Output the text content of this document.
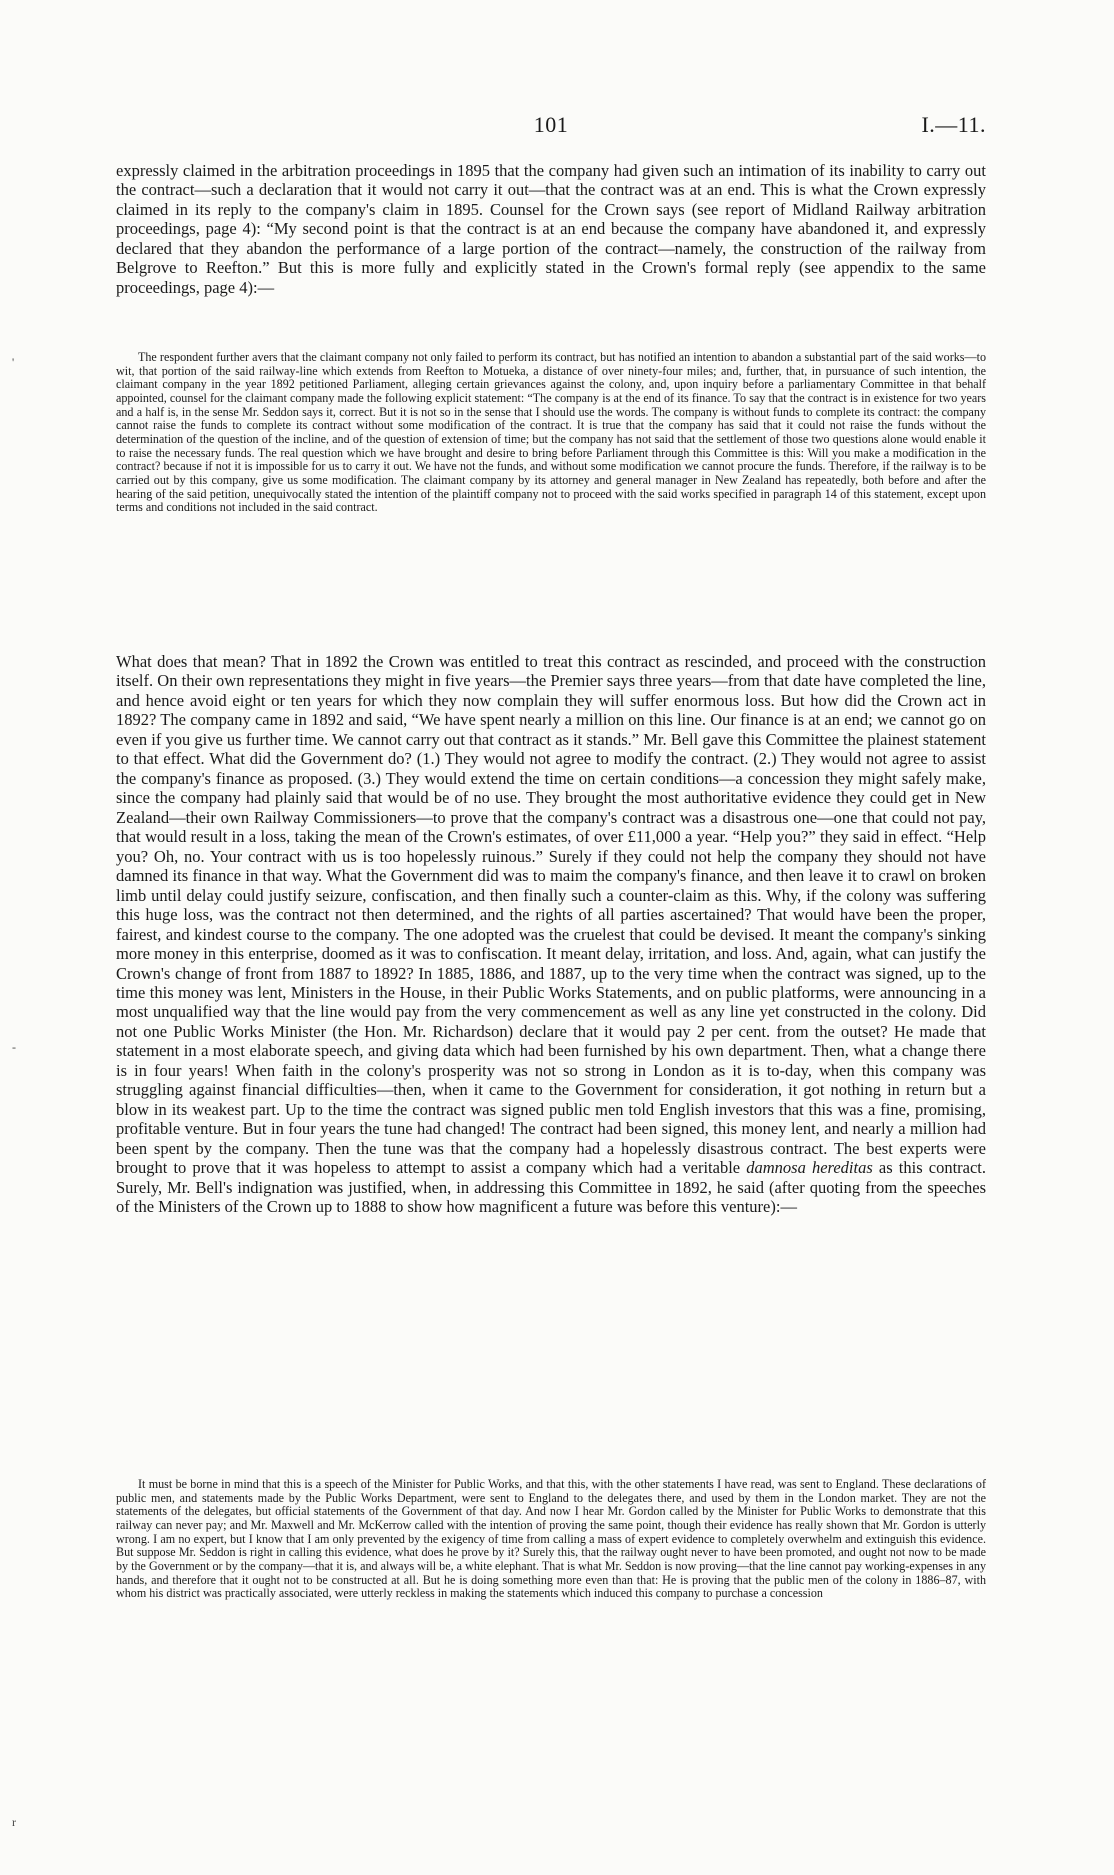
101	I.—11.

expressly claimed in the arbitration proceedings in 1895 that the company had given such an intimation of its inability to carry out the contract—such a declaration that it would not carry it out—that the contract was at an end. This is what the Crown expressly claimed in its reply to the company's claim in 1895. Counsel for the Crown says (see report of Midland Railway arbitration proceedings, page 4): “My second point is that the contract is at an end because the company have abandoned it, and expressly declared that they abandon the performance of a large portion of the contract—namely, the construction of the railway from Belgrove to Reefton.” But this is more fully and explicitly stated in the Crown's formal reply (see appendix to the same proceedings, page 4):—

The respondent further avers that the claimant company not only failed to perform its contract, but has notified an intention to abandon a substantial part of the said works—to wit, that portion of the said railway-line which extends from Reefton to Motueka, a distance of over ninety-four miles; and, further, that, in pursuance of such intention, the claimant company in the year 1892 petitioned Parliament, alleging certain grievances against the colony, and, upon inquiry before a parliamentary Committee in that behalf appointed, counsel for the claimant company made the following explicit statement: “The company is at the end of its finance. To say that the contract is in existence for two years and a half is, in the sense Mr. Seddon says it, correct. But it is not so in the sense that I should use the words. The company is without funds to complete its contract: the company cannot raise the funds to complete its contract without some modification of the contract. It is true that the company has said that it could not raise the funds without the determination of the question of the incline, and of the question of extension of time; but the company has not said that the settlement of those two questions alone would enable it to raise the necessary funds. The real question which we have brought and desire to bring before Parliament through this Committee is this: Will you make a modification in the contract? because if not it is impossible for us to carry it out. We have not the funds, and without some modification we cannot procure the funds. Therefore, if the railway is to be carried out by this company, give us some modification. The claimant company by its attorney and general manager in New Zealand has repeatedly, both before and after the hearing of the said petition, unequivocally stated the intention of the plaintiff company not to proceed with the said works specified in paragraph 14 of this statement, except upon terms and conditions not included in the said contract.

What does that mean? That in 1892 the Crown was entitled to treat this contract as rescinded, and proceed with the construction itself. On their own representations they might in five years—the Premier says three years—from that date have completed the line, and hence avoid eight or ten years for which they now complain they will suffer enormous loss. But how did the Crown act in 1892? The company came in 1892 and said, “We have spent nearly a million on this line. Our finance is at an end; we cannot go on even if you give us further time. We cannot carry out that contract as it stands.” Mr. Bell gave this Committee the plainest statement to that effect. What did the Government do? (1.) They would not agree to modify the contract. (2.) They would not agree to assist the company's finance as proposed. (3.) They would extend the time on certain conditions—a concession they might safely make, since the company had plainly said that would be of no use. They brought the most authoritative evidence they could get in New Zealand—their own Railway Commissioners—to prove that the company's contract was a disastrous one—one that could not pay, that would result in a loss, taking the mean of the Crown's estimates, of over £11,000 a year. “Help you?” they said in effect. “Help you? Oh, no. Your contract with us is too hopelessly ruinous.” Surely if they could not help the company they should not have damned its finance in that way. What the Government did was to maim the company's finance, and then leave it to crawl on broken limb until delay could justify seizure, confiscation, and then finally such a counter-claim as this. Why, if the colony was suffering this huge loss, was the contract not then determined, and the rights of all parties ascertained? That would have been the proper, fairest, and kindest course to the company. The one adopted was the cruelest that could be devised. It meant the company's sinking more money in this enterprise, doomed as it was to confiscation. It meant delay, irritation, and loss. And, again, what can justify the Crown's change of front from 1887 to 1892? In 1885, 1886, and 1887, up to the very time when the contract was signed, up to the time this money was lent, Ministers in the House, in their Public Works Statements, and on public platforms, were announcing in a most unqualified way that the line would pay from the very commencement as well as any line yet constructed in the colony. Did not one Public Works Minister (the Hon. Mr. Richardson) declare that it would pay 2 per cent. from the outset? He made that statement in a most elaborate speech, and giving data which had been furnished by his own department. Then, what a change there is in four years! When faith in the colony's prosperity was not so strong in London as it is to-day, when this company was struggling against financial difficulties—then, when it came to the Government for consideration, it got nothing in return but a blow in its weakest part. Up to the time the contract was signed public men told English investors that this was a fine, promising, profitable venture. But in four years the tune had changed! The contract had been signed, this money lent, and nearly a million had been spent by the company. Then the tune was that the company had a hopelessly disastrous contract. The best experts were brought to prove that it was hopeless to attempt to assist a company which had a veritable damnosa hereditas as this contract. Surely, Mr. Bell's indignation was justified, when, in addressing this Committee in 1892, he said (after quoting from the speeches of the Ministers of the Crown up to 1888 to show how magnificent a future was before this venture):—

It must be borne in mind that this is a speech of the Minister for Public Works, and that this, with the other statements I have read, was sent to England. These declarations of public men, and statements made by the Public Works Department, were sent to England to the delegates there, and used by them in the London market. They are not the statements of the delegates, but official statements of the Government of that day. And now I hear Mr. Gordon called by the Minister for Public Works to demonstrate that this railway can never pay; and Mr. Maxwell and Mr. McKerrow called with the intention of proving the same point, though their evidence has really shown that Mr. Gordon is utterly wrong. I am no expert, but I know that I am only prevented by the exigency of time from calling a mass of expert evidence to completely overwhelm and extinguish this evidence. But suppose Mr. Seddon is right in calling this evidence, what does he prove by it? Surely this, that the railway ought never to have been promoted, and ought not now to be made by the Government or by the company—that it is, and always will be, a white elephant. That is what Mr. Seddon is now proving—that the line cannot pay working-expenses in any hands, and therefore that it ought not to be constructed at all. But he is doing something more even than that: He is proving that the public men of the colony in 1886–87, with whom his district was practically associated, were utterly reckless in making the statements which induced this company to purchase a concession

'
-
r
